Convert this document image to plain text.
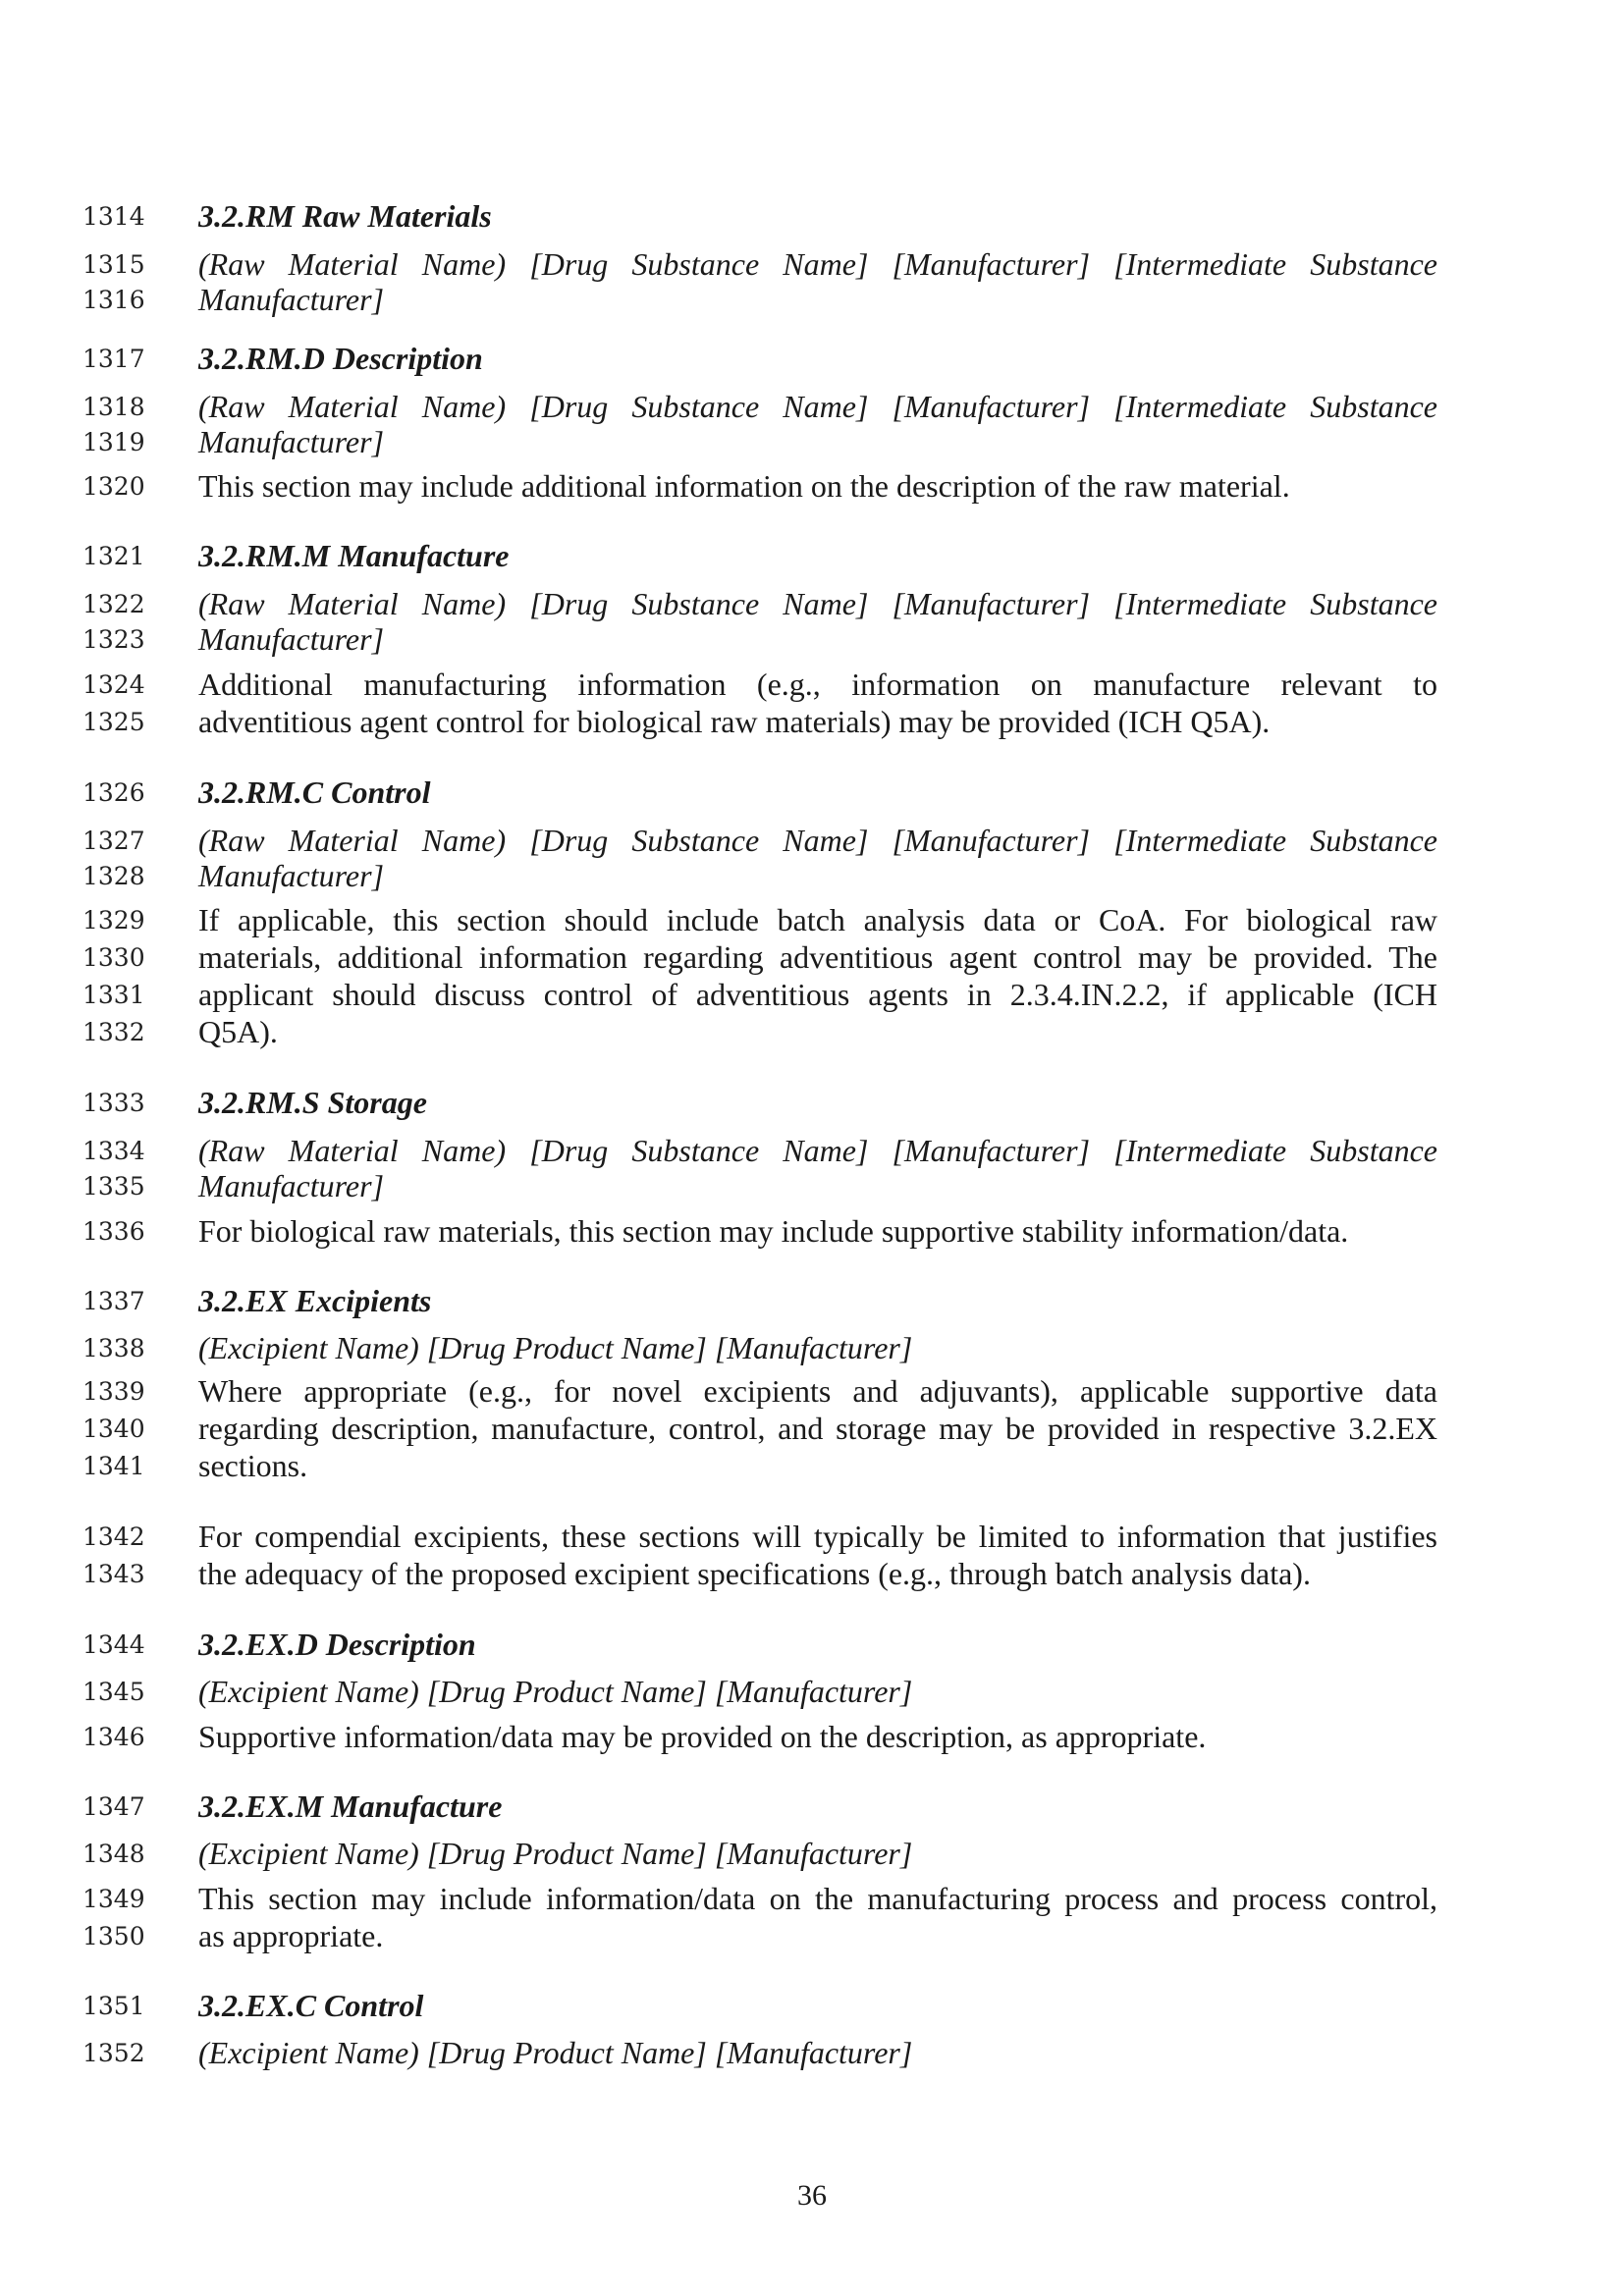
1314 3.2.RM Raw Materials
1315 (Raw Material Name) [Drug Substance Name] [Manufacturer] [Intermediate Substance
1316 Manufacturer]
1317 3.2.RM.D Description
1318 (Raw Material Name) [Drug Substance Name] [Manufacturer] [Intermediate Substance
1319 Manufacturer]
1320 This section may include additional information on the description of the raw material.
1321 3.2.RM.M Manufacture
1322 (Raw Material Name) [Drug Substance Name] [Manufacturer] [Intermediate Substance
1323 Manufacturer]
1324 Additional manufacturing information (e.g., information on manufacture relevant to
1325 adventitious agent control for biological raw materials) may be provided (ICH Q5A).
1326 3.2.RM.C Control
1327 (Raw Material Name) [Drug Substance Name] [Manufacturer] [Intermediate Substance
1328 Manufacturer]
1329 If applicable, this section should include batch analysis data or CoA. For biological raw
1330 materials, additional information regarding adventitious agent control may be provided. The
1331 applicant should discuss control of adventitious agents in 2.3.4.IN.2.2, if applicable (ICH
1332 Q5A).
1333 3.2.RM.S Storage
1334 (Raw Material Name) [Drug Substance Name] [Manufacturer] [Intermediate Substance
1335 Manufacturer]
1336 For biological raw materials, this section may include supportive stability information/data.
1337 3.2.EX Excipients
1338 (Excipient Name) [Drug Product Name] [Manufacturer]
1339 Where appropriate (e.g., for novel excipients and adjuvants), applicable supportive data
1340 regarding description, manufacture, control, and storage may be provided in respective 3.2.EX
1341 sections.
1342 For compendial excipients, these sections will typically be limited to information that justifies
1343 the adequacy of the proposed excipient specifications (e.g., through batch analysis data).
1344 3.2.EX.D Description
1345 (Excipient Name) [Drug Product Name] [Manufacturer]
1346 Supportive information/data may be provided on the description, as appropriate.
1347 3.2.EX.M Manufacture
1348 (Excipient Name) [Drug Product Name] [Manufacturer]
1349 This section may include information/data on the manufacturing process and process control,
1350 as appropriate.
1351 3.2.EX.C Control
1352 (Excipient Name) [Drug Product Name] [Manufacturer]
36
